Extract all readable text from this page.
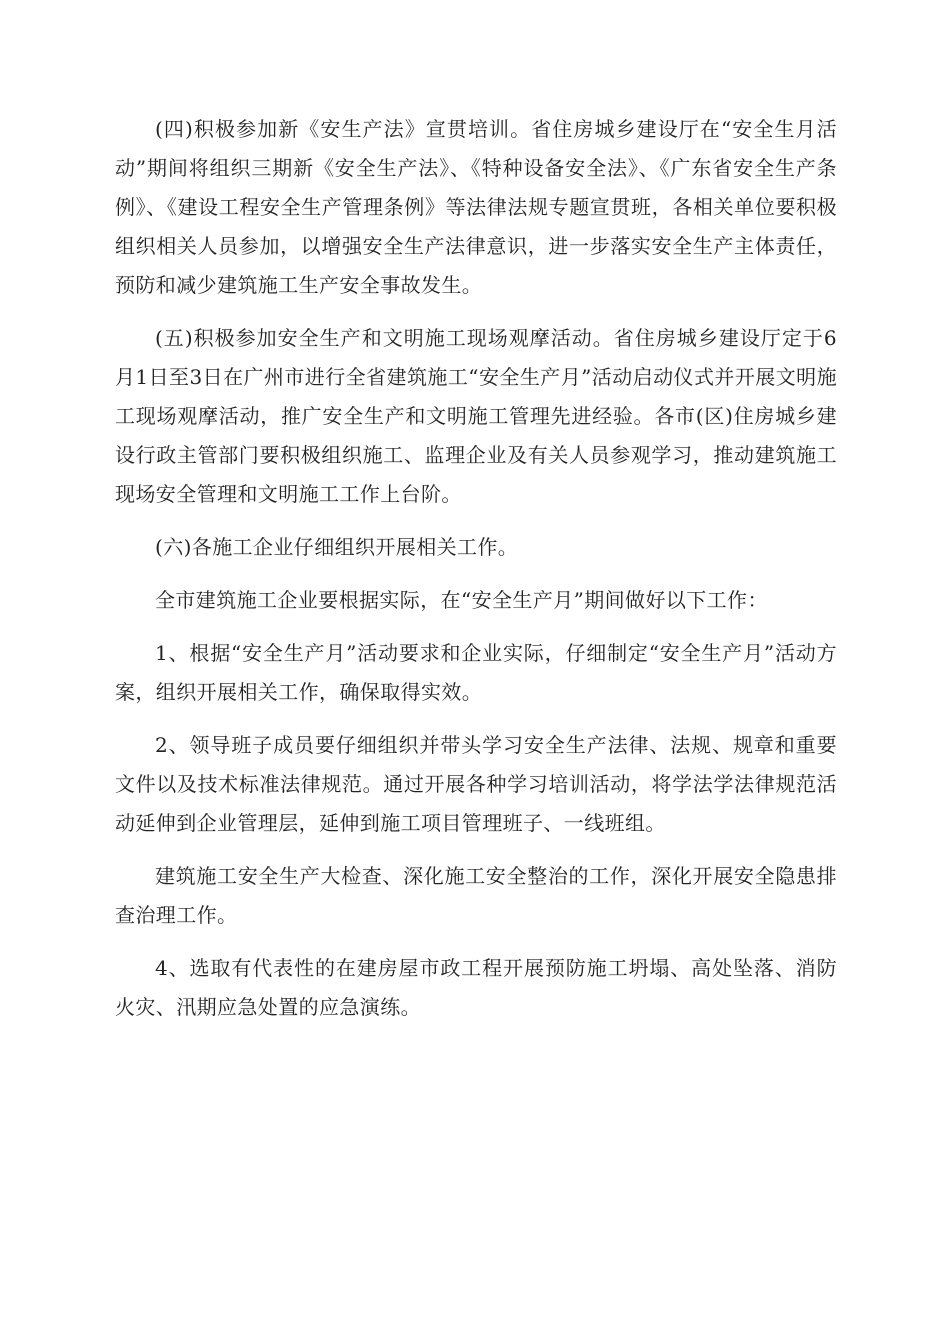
(四)积极参加新《安生产法》宣贯培训。省住房城乡建设厅在“安全生月活动”期间将组织三期新《安全生产法》、《特种设备安全法》、《广东省安全生产条例》、《建设工程安全生产管理条例》等法律法规专题宣贯班，各相关单位要积极组织相关人员参加，以增强安全生产法律意识，进一步落实安全生产主体责任，预防和减少建筑施工生产安全事故发生。

(五)积极参加安全生产和文明施工现场观摩活动。省住房城乡建设厅定于6月1日至3日在广州市进行全省建筑施工“安全生产月”活动启动仪式并开展文明施工现场观摩活动，推广安全生产和文明施工管理先进经验。各市(区)住房城乡建设行政主管部门要积极组织施工、监理企业及有关人员参观学习，推动建筑施工现场安全管理和文明施工工作上台阶。

(六)各施工企业仔细组织开展相关工作。

全市建筑施工企业要根据实际，在“安全生产月”期间做好以下工作：

1、根据“安全生产月”活动要求和企业实际，仔细制定“安全生产月”活动方案，组织开展相关工作，确保取得实效。

2、领导班子成员要仔细组织并带头学习安全生产法律、法规、规章和重要文件以及技术标准法律规范。通过开展各种学习培训活动，将学法学法律规范活动延伸到企业管理层，延伸到施工项目管理班子、一线班组。

建筑施工安全生产大检查、深化施工安全整治的工作，深化开展安全隐患排查治理工作。

4、选取有代表性的在建房屋市政工程开展预防施工坍塌、高处坠落、消防火灾、汛期应急处置的应急演练。
